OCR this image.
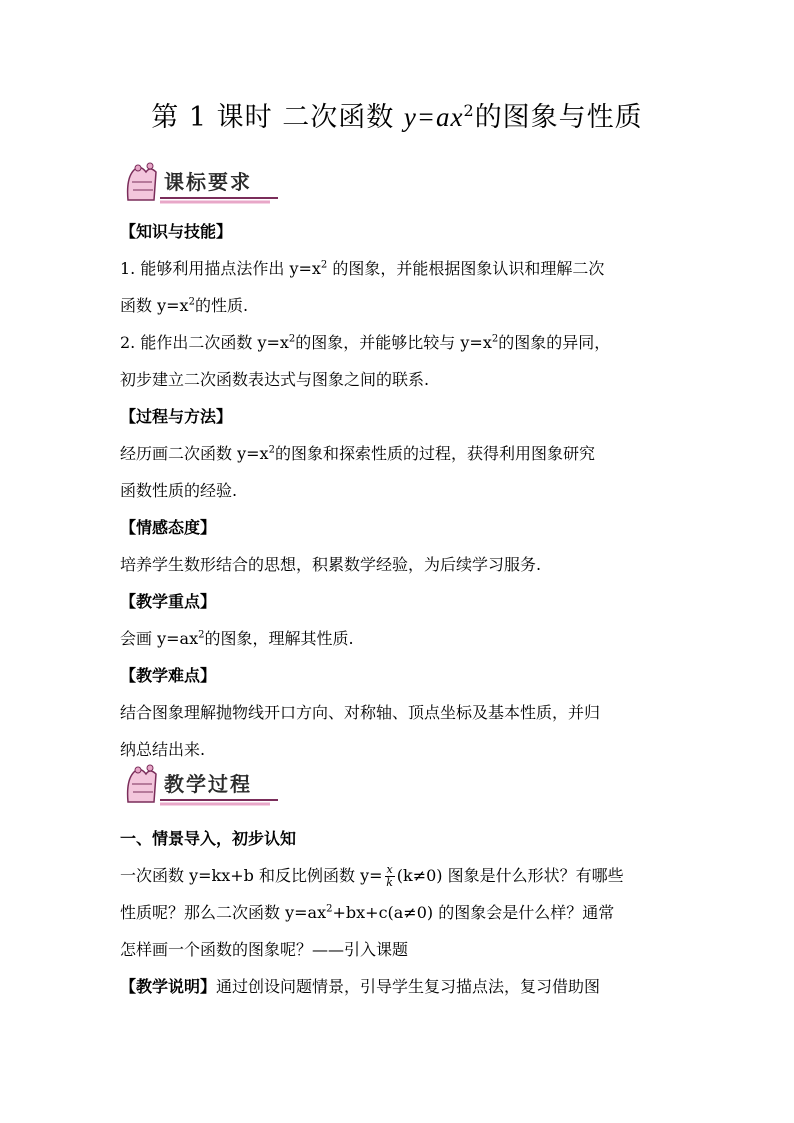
第 1 课时 二次函数 $y=ax^2$的图象与性质
课标要求

【知识与技能】

1. 能够利用描点法作出 $y=x^2$ 的图象，并能根据图象认识和理解二次
函数 $y=x^2$的性质.

2. 能作出二次函数 $y=x^2$的图象，并能够比较与 $y=x^2$的图象的异同，
初步建立二次函数表达式与图象之间的联系.

【过程与方法】

经历画二次函数 $y=x^2$的图象和探索性质的过程，获得利用图象研究
函数性质的经验.

【情感态度】

培养学生数形结合的思想，积累数学经验，为后续学习服务.

【教学重点】

会画 $y=ax^2$的图象，理解其性质.

【教学难点】

结合图象理解抛物线开口方向、对称轴、顶点坐标及基本性质，并归
纳总结出来.

教学过程

一、情景导入，初步认知

一次函数 y=kx+b 和反比例函数 $y= \frac{x}{k} (k\ne 0)$ 图象是什么形状？有哪些
性质呢？那么二次函数 $y=ax^2+bx+c(a\ne 0)$ 的图象会是什么样？通常
怎样画一个函数的图象呢？——引入课题

【教学说明】通过创设问题情景，引导学生复习描点法，复习借助图
